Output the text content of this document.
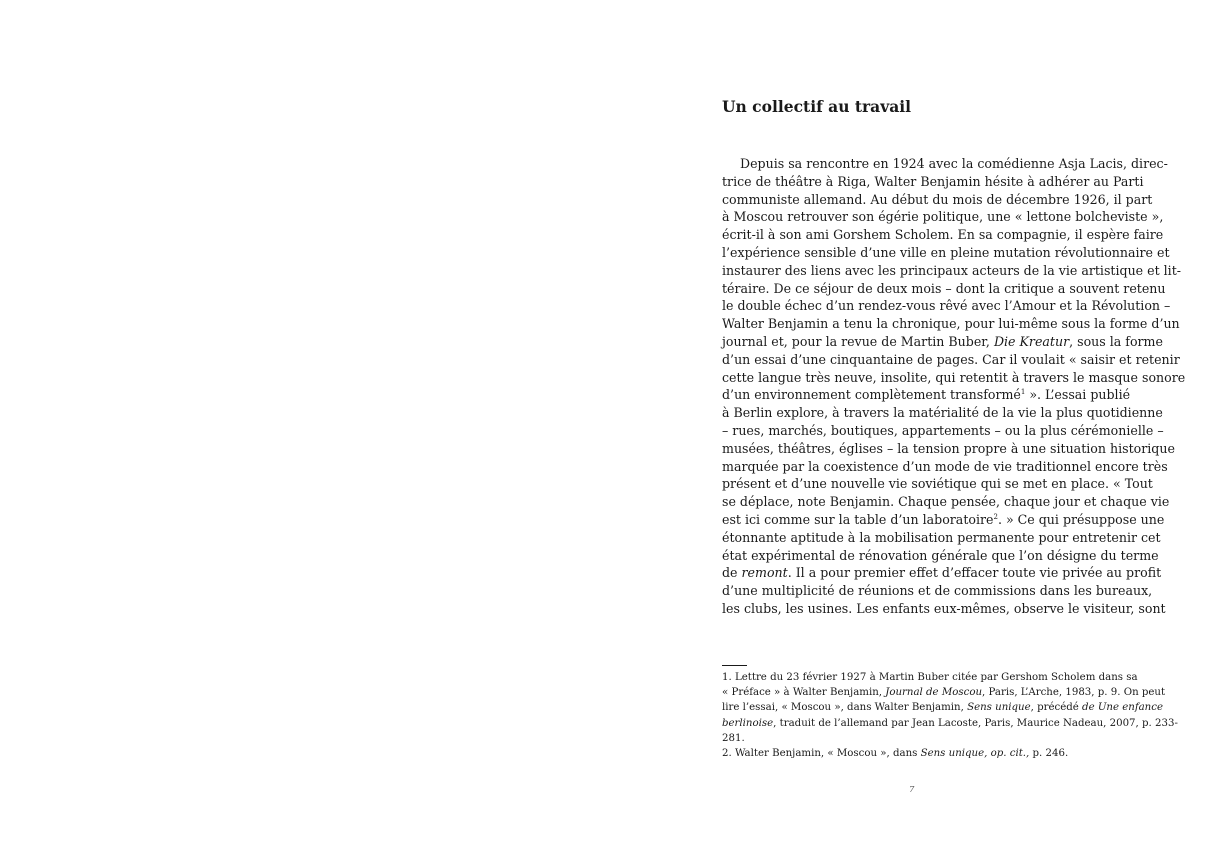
Un collectif au travail
Depuis sa rencontre en 1924 avec la comédienne Asja Lacis, direc-
trice de théâtre à Riga, Walter Benjamin hésite à adhérer au Parti
communiste allemand. Au début du mois de décembre 1926, il part
à Moscou retrouver son égérie politique, une « lettone bolcheviste »,
écrit-il à son ami Gorshem Scholem. En sa compagnie, il espère faire
l’expérience sensible d’une ville en pleine mutation révolutionnaire et
instaurer des liens avec les principaux acteurs de la vie artistique et lit-
téraire. De ce séjour de deux mois – dont la critique a souvent retenu
le double échec d’un rendez-vous rêvé avec l’Amour et la Révolution –
Walter Benjamin a tenu la chronique, pour lui-même sous la forme d’un
journal et, pour la revue de Martin Buber, Die Kreatur, sous la forme
d’un essai d’une cinquantaine de pages. Car il voulait « saisir et retenir
cette langue très neuve, insolite, qui retentit à travers le masque sonore
d’un environnement complètement transformé$^1$ ». L’essai publié
à Berlin explore, à travers la matérialité de la vie la plus quotidienne
– rues, marchés, boutiques, appartements – ou la plus cérémonielle –
musées, théâtres, églises – la tension propre à une situation historique
marquée par la coexistence d’un mode de vie traditionnel encore très
présent et d’une nouvelle vie soviétique qui se met en place. « Tout
se déplace, note Benjamin. Chaque pensée, chaque jour et chaque vie
est ici comme sur la table d’un laboratoire$^2$. » Ce qui présuppose une
étonnante aptitude à la mobilisation permanente pour entretenir cet
état expérimental de rénovation générale que l’on désigne du terme
de remont. Il a pour premier effet d’effacer toute vie privée au profit
d’une multiplicité de réunions et de commissions dans les bureaux,
les clubs, les usines. Les enfants eux-mêmes, observe le visiteur, sont
1. Lettre du 23 février 1927 à Martin Buber citée par Gershom Scholem dans sa
« Préface » à Walter Benjamin, Journal de Moscou, Paris, L’Arche, 1983, p. 9. On peut
lire l’essai, « Moscou », dans Walter Benjamin, Sens unique, précédé de Une enfance
berlinoise, traduit de l’allemand par Jean Lacoste, Paris, Maurice Nadeau, 2007, p. 233-
281.
2. Walter Benjamin, « Moscou », dans Sens unique, op. cit., p. 246.
7
